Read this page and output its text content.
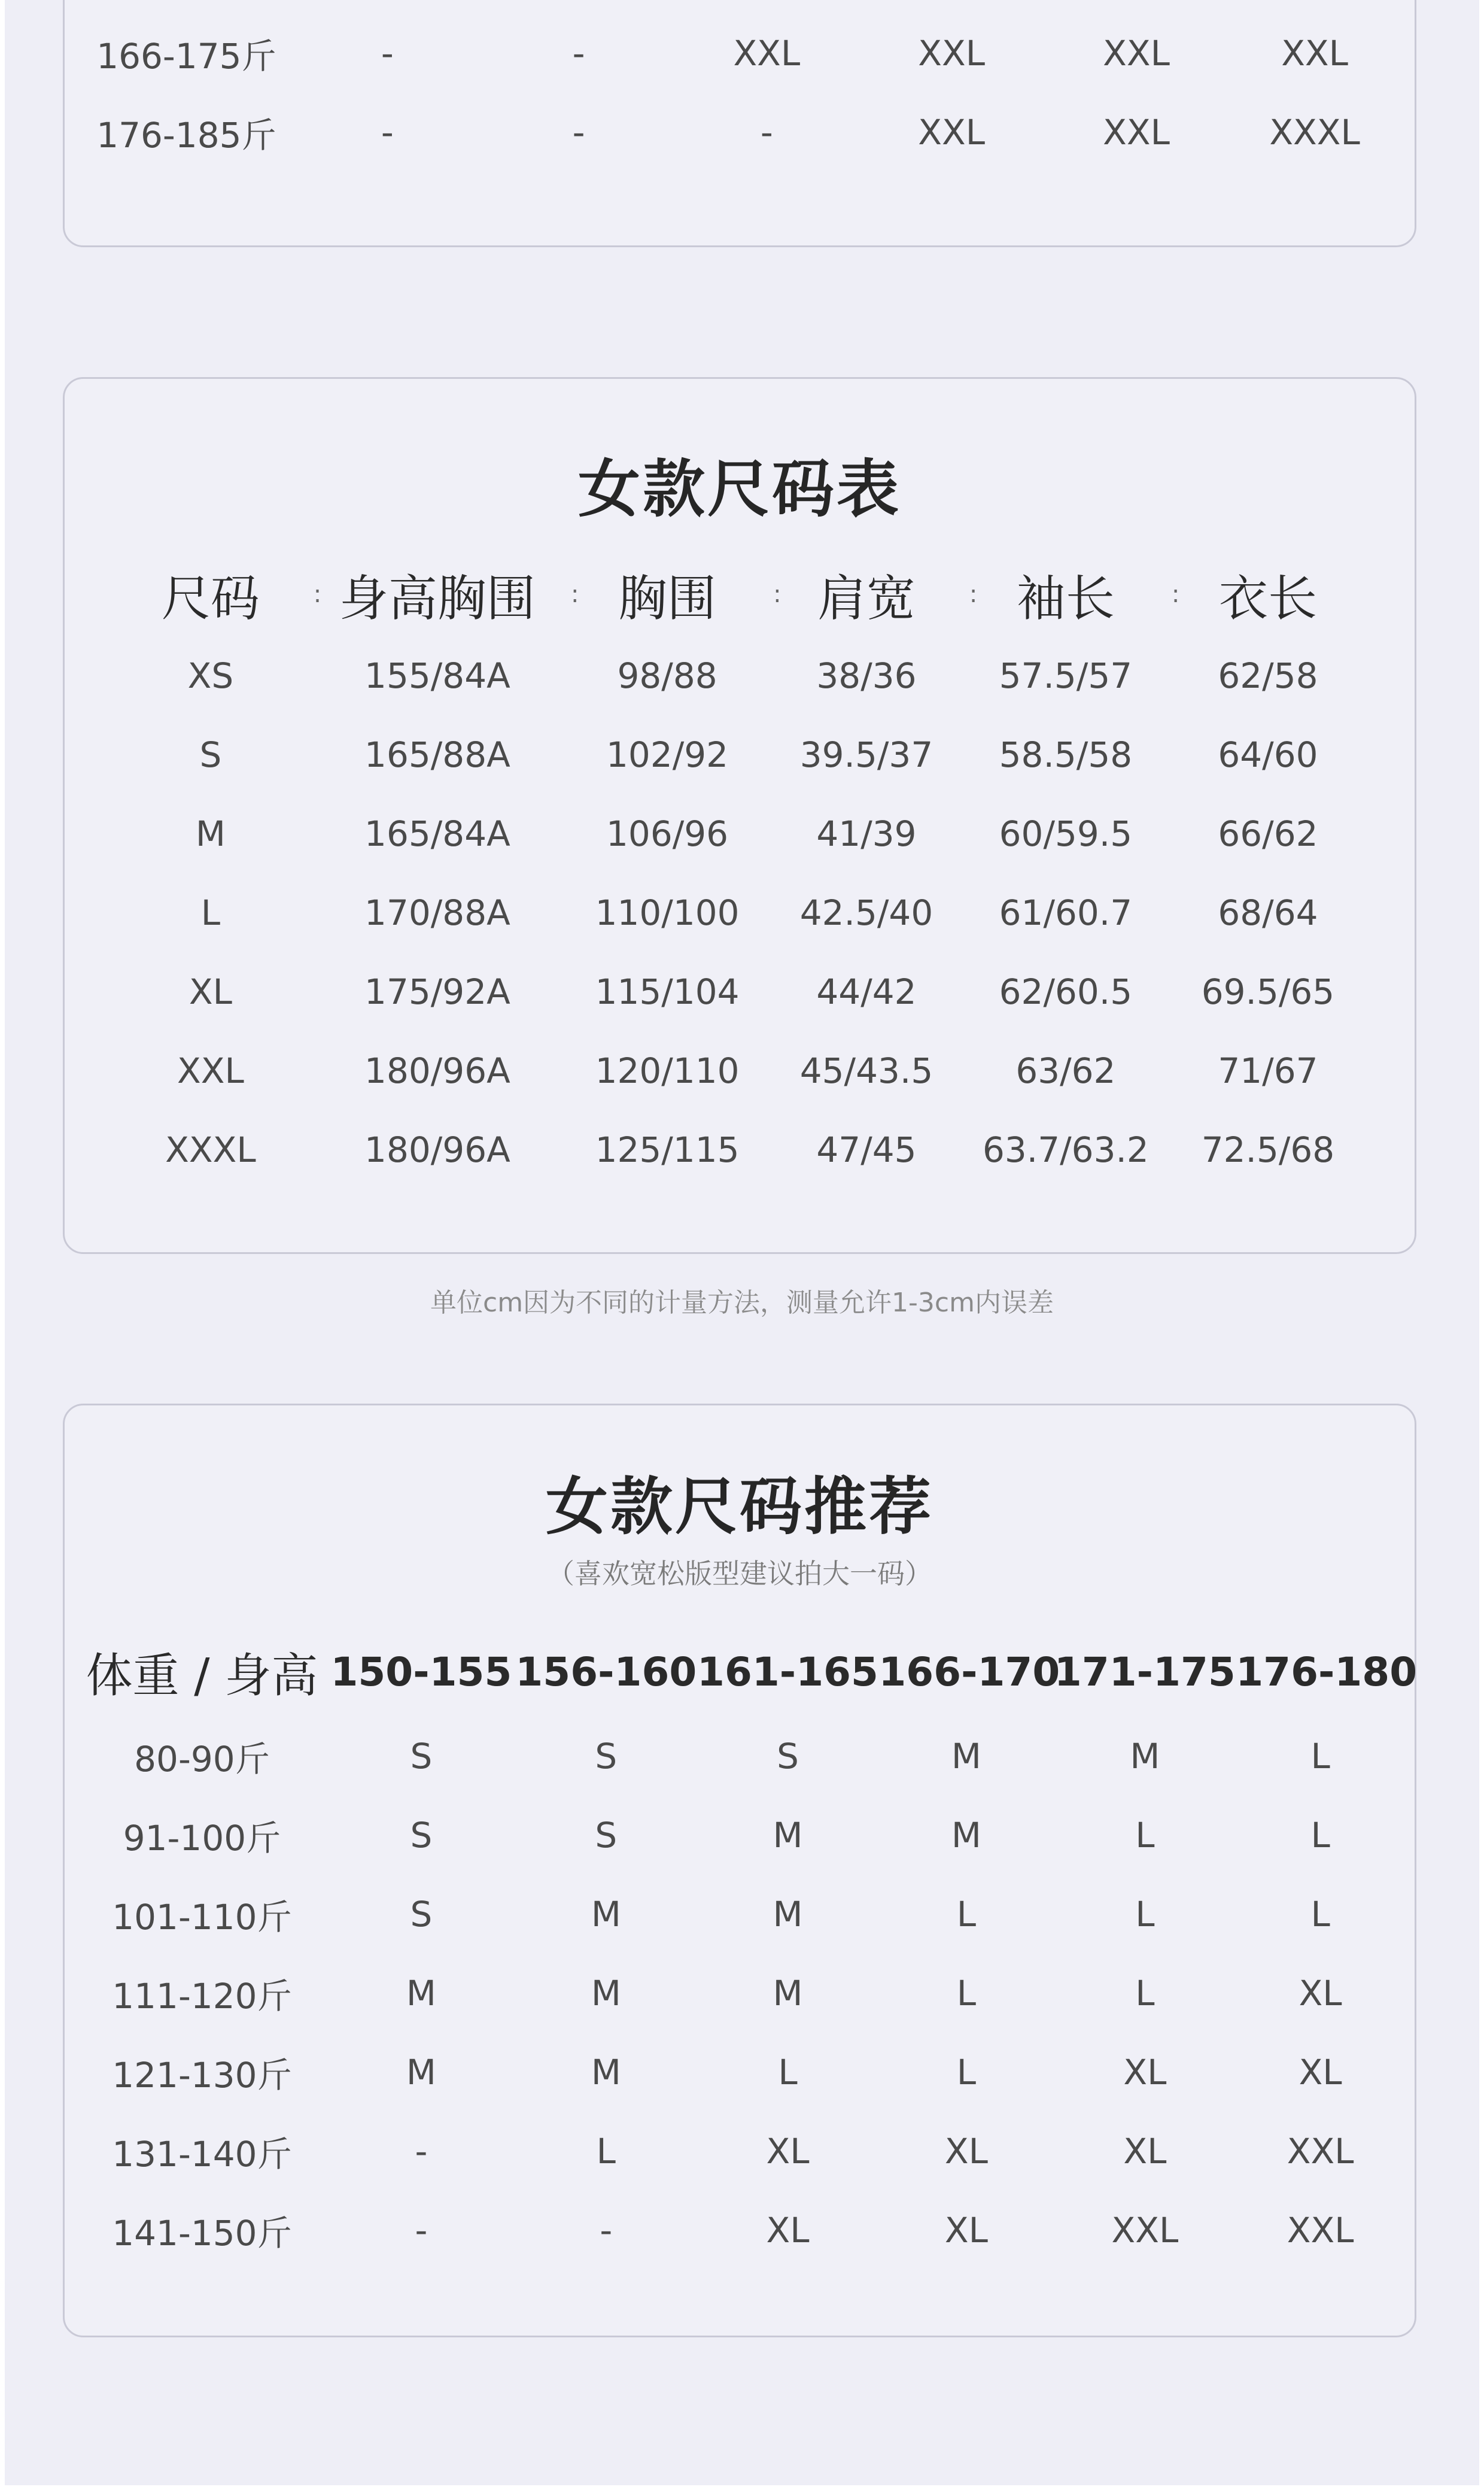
166-175斤	-	-	XXL	XXL	XXL	XXL
176-185斤	-	-	-	XXL	XXL	XXXL
女款尺码表
尺码 :	身高胸围 :	胸围 :	肩宽 :	袖长 :	衣长
XS	155/84A	98/88	38/36	57.5/57	62/58
S	165/88A	102/92	39.5/37	58.5/58	64/60
M	165/84A	106/96	41/39	60/59.5	66/62
L	170/88A	110/100	42.5/40	61/60.7	68/64
XL	175/92A	115/104	44/42	62/60.5	69.5/65
XXL	180/96A	120/110	45/43.5	63/62	71/67
XXXL	180/96A	125/115	47/45	63.7/63.2	72.5/68
单位cm因为不同的计量方法，测量允许1-3cm内误差
女款尺码推荐
（喜欢宽松版型建议拍大一码）
体重 / 身高	150-155	156-160	161-165	166-170	171-175	176-180
80-90斤	S	S	S	M	M	L
91-100斤	S	S	M	M	L	L
101-110斤	S	M	M	L	L	L
111-120斤	M	M	M	L	L	XL
121-130斤	M	M	L	L	XL	XL
131-140斤	-	L	XL	XL	XL	XXL
141-150斤	-	-	XL	XL	XXL	XXL
